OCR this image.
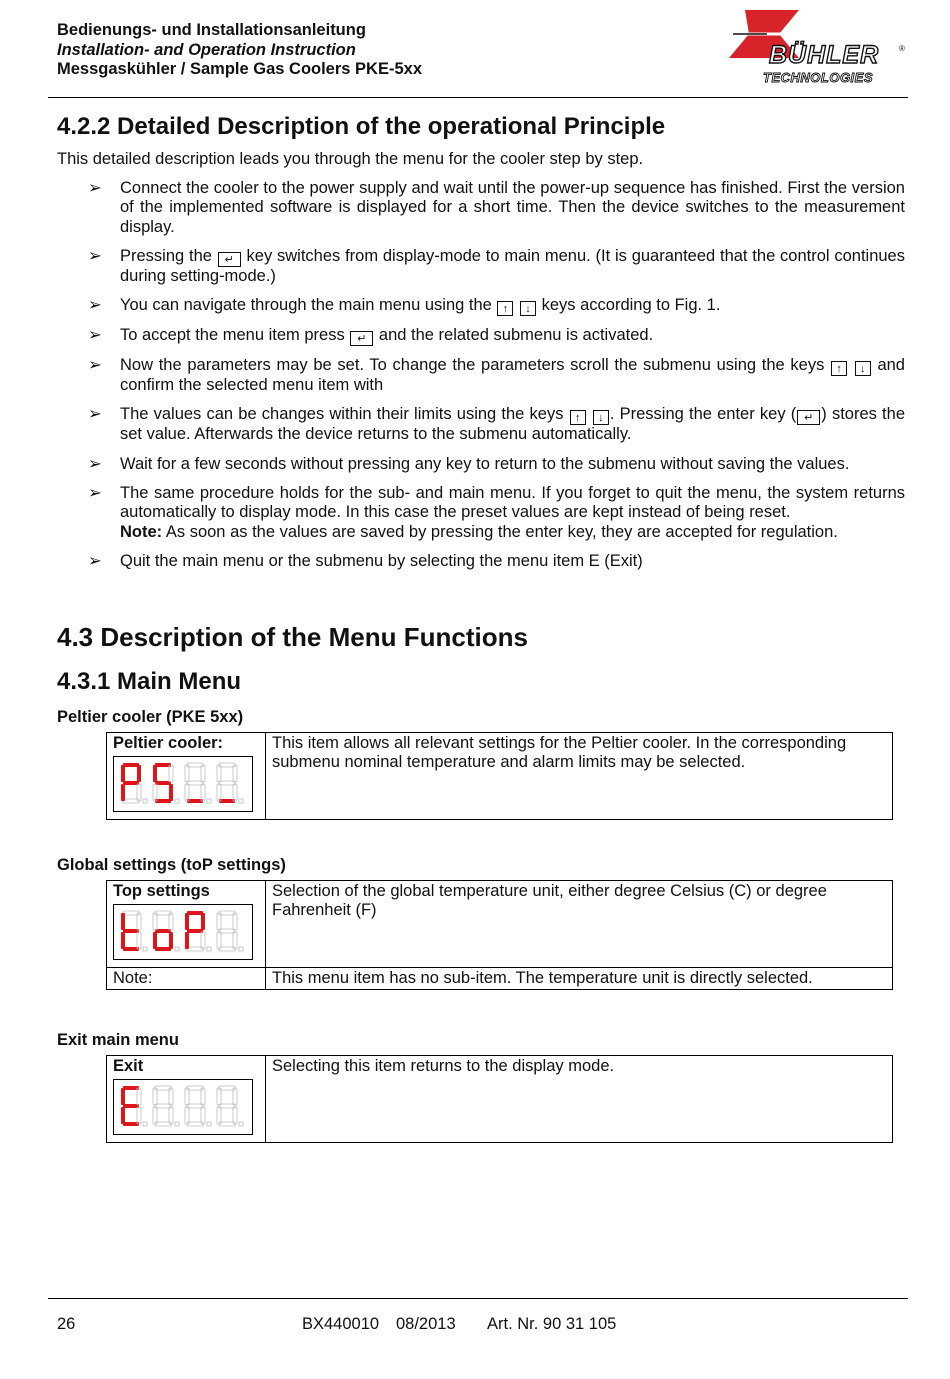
Bedienungs- und Installationsanleitung
Installation- and Operation Instruction
Messgaskühler / Sample Gas Coolers PKE-5xx	BÜHLER ®
TECHNOLOGIES
4.2.2 Detailed Description of the operational Principle
This detailed description leads you through the menu for the cooler step by step.
➢ Connect the cooler to the power supply and wait until the power-up sequence has finished. First the version of the implemented software is displayed for a short time. Then the device switches to the measurement display.
➢ Pressing the ↵ key switches from display-mode to main menu. (It is guaranteed that the control continues during setting-mode.)
➢ You can navigate through the main menu using the ↑ ↓ keys according to Fig. 1.
➢ To accept the menu item press ↵ and the related submenu is activated.
➢ Now the parameters may be set. To change the parameters scroll the submenu using the keys ↑ ↓ and confirm the selected menu item with
➢ The values can be changes within their limits using the keys ↑ ↓ . Pressing the enter key ( ↵ ) stores the set value. Afterwards the device returns to the submenu automatically.
➢ Wait for a few seconds without pressing any key to return to the submenu without saving the values.
➢ The same procedure holds for the sub- and main menu. If you forget to quit the menu, the system returns automatically to display mode. In this case the preset values are kept instead of being reset.
Note: As soon as the values are saved by pressing the enter key, they are accepted for regulation.
➢ Quit the main menu or the submenu by selecting the menu item E (Exit)
4.3 Description of the Menu Functions
4.3.1 Main Menu
Peltier cooler (PKE 5xx)
Peltier cooler:	This item allows all relevant settings for the Peltier cooler. In the corresponding submenu nominal temperature and alarm limits may be selected.
Global settings (toP settings)
Top settings	Selection of the global temperature unit, either degree Celsius (C) or degree Fahrenheit (F)
Note:	This menu item has no sub-item. The temperature unit is directly selected.
Exit main menu
Exit	Selecting this item returns to the display mode.
26	BX440010 08/2013 Art. Nr. 90 31 105
